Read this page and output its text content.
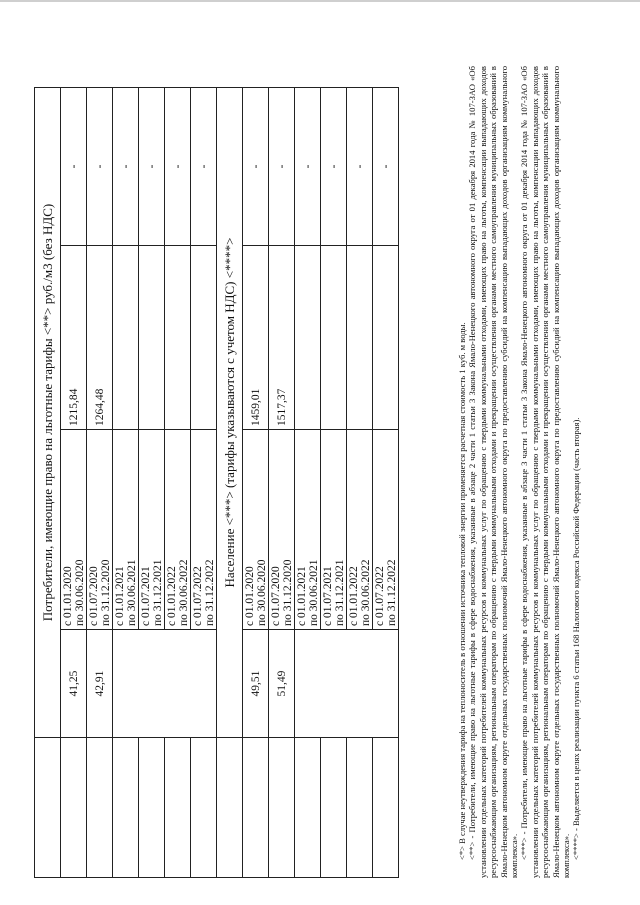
	Потребители, имеющие право на льготные тарифы <**> руб./м3 (без НДС)			
	41,25	с 01.01.2020 по 30.06.2020	1215,84	-
	42,91	с 01.07.2020 по 31.12.2020	1264,48	-

		с 01.01.2021 по 30.06.2021		-

		с 01.07.2021 по 31.12.2021		-

		с 01.01.2022 по 30.06.2022		-

		с 01.07.2022 по 31.12.2022		-
	Население <***> (тарифы указываются с учетом НДС) <****>			
	49,51	с 01.01.2020 по 30.06.2020	1459,01	-
	51,49	с 01.07.2020 по 31.12.2020	1517,37	-

		с 01.01.2021 по 30.06.2021		-

		с 01.07.2021 по 31.12.2021		-

		с 01.01.2022 по 30.06.2022		-

		с 01.07.2022 по 31.12.2022		-

<*> В случае неутверждения тарифа на теплоноситель в отношении источника тепловой энергии применяется расчетная стоимость 1 куб. м воды. <**> - Потребители, имеющие право на льготные тарифы в сфере водоснабжения, указанные в абзаце 2 части 1 статьи 3 Закона Ямало-Ненецкого автономного округа от 01 декабря 2014 года № 107-ЗАО «Об установлении отдельных категорий потребителей коммунальных ресурсов и коммунальных услуг по обращению с твердыми коммунальными отходами, имеющих право на льготы, компенсации выпадающих доходов ресурсоснабжающим организациям, региональным операторам по обращению с твердыми коммунальными отходами и прекращении осуществления органами местного самоуправления муниципальных образований в Ямало-Ненецком автономном округе отдельных государственных полномочий Ямало-Ненецкого автономного округа по предоставлению субсидий на компенсацию выпадающих доходов организациям коммунального комплекса». <***> - Потребители, имеющие право на льготные тарифы в сфере водоснабжения, указанные в абзаце 3 части 1 статьи 3 Закона Ямало-Ненецкого автономного округа от 01 декабря 2014 года № 107-ЗАО «Об установлении отдельных категорий потребителей коммунальных ресурсов и коммунальных услуг по обращению с твердыми коммунальными отходами, имеющих право на льготы, компенсации выпадающих доходов ресурсоснабжающим организациям, региональным операторам по обращению с твердыми коммунальными отходами и прекращении осуществления органами местного самоуправления муниципальных образований в Ямало-Ненецком автономном округе отдельных государственных полномочий Ямало-Ненецкого автономного округа по предоставлению субсидий на компенсацию выпадающих доходов организациям коммунального комплекса». <****> - Выделяется в целях реализации пункта 6 статьи 168 Налогового кодекса Российской Федерации (часть вторая).
